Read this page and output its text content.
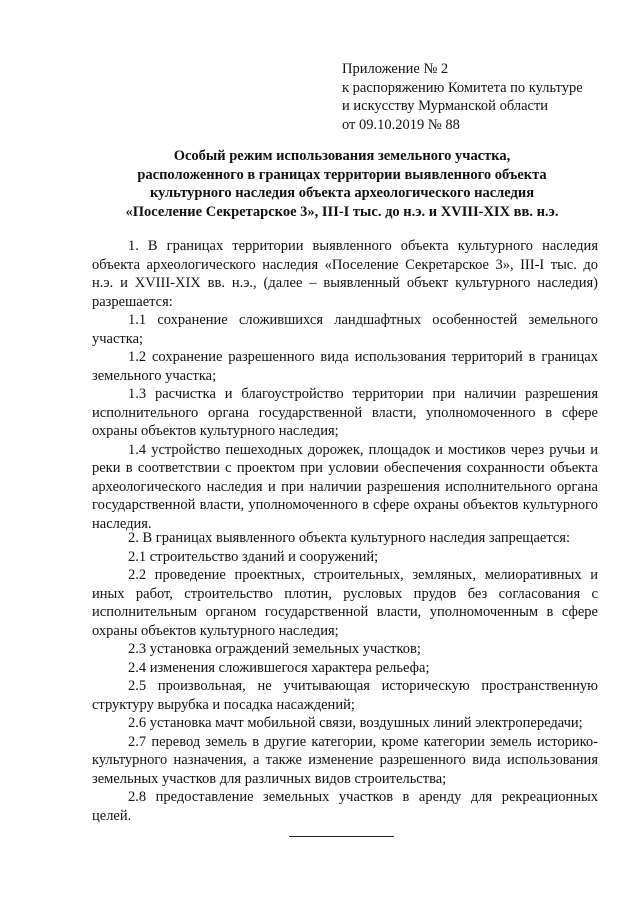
Приложение № 2
к распоряжению Комитета по культуре
и искусству Мурманской области
от 09.10.2019 № 88
Особый режим использования земельного участка,
расположенного в границах территории выявленного объекта
культурного наследия объекта археологического наследия
«Поселение Секретарское 3», III-I тыс. до н.э. и XVIII-XIX вв. н.э.

1. В границах территории выявленного объекта культурного наследия объекта археологического наследия «Поселение Секретарское 3», III-I тыс. до н.э. и XVIII-XIX вв. н.э., (далее – выявленный объект культурного наследия) разрешается:

1.1 сохранение сложившихся ландшафтных особенностей земельного участка;

1.2 сохранение разрешенного вида использования территорий в границах земельного участка;

1.3 расчистка и благоустройство территории при наличии разрешения исполнительного органа государственной власти, уполномоченного в сфере охраны объектов культурного наследия;

1.4 устройство пешеходных дорожек, площадок и мостиков через ручьи и реки в соответствии с проектом при условии обеспечения сохранности объекта археологического наследия и при наличии разрешения исполнительного органа государственной власти, уполномоченного в сфере охраны объектов культурного наследия.

2. В границах выявленного объекта культурного наследия запрещается:

2.1 строительство зданий и сооружений;

2.2 проведение проектных, строительных, земляных, мелиоративных и иных работ, строительство плотин, русловых прудов без согласования с исполнительным органом государственной власти, уполномоченным в сфере охраны объектов культурного наследия;

2.3 установка ограждений земельных участков;

2.4 изменения сложившегося характера рельефа;

2.5 произвольная, не учитывающая историческую пространственную структуру вырубка и посадка насаждений;

2.6 установка мачт мобильной связи, воздушных линий электропередачи;

2.7 перевод земель в другие категории, кроме категории земель историко-культурного назначения, а также изменение разрешенного вида использования земельных участков для различных видов строительства;

2.8 предоставление земельных участков в аренду для рекреационных целей.
